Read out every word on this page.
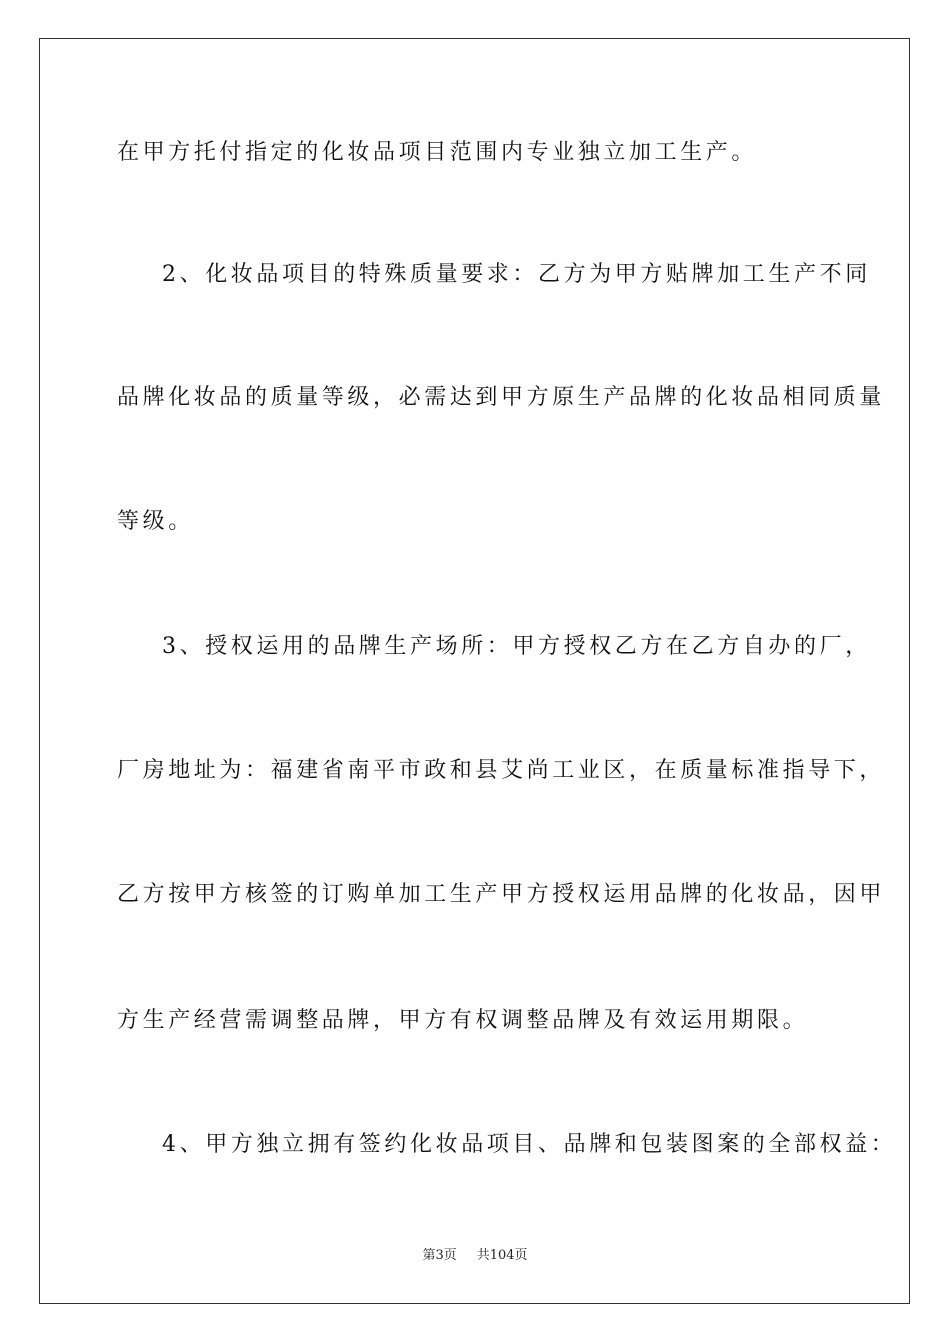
在甲方托付指定的化妆品项目范围内专业独立加工生产。
2、化妆品项目的特殊质量要求：乙方为甲方贴牌加工生产不同
品牌化妆品的质量等级，必需达到甲方原生产品牌的化妆品相同质量
等级。
3、授权运用的品牌生产场所：甲方授权乙方在乙方自办的厂，
厂房地址为：福建省南平市政和县艾尚工业区，在质量标准指导下，
乙方按甲方核签的订购单加工生产甲方授权运用品牌的化妆品，因甲
方生产经营需调整品牌，甲方有权调整品牌及有效运用期限。
4、甲方独立拥有签约化妆品项目、品牌和包装图案的全部权益：
第3页 共104页
